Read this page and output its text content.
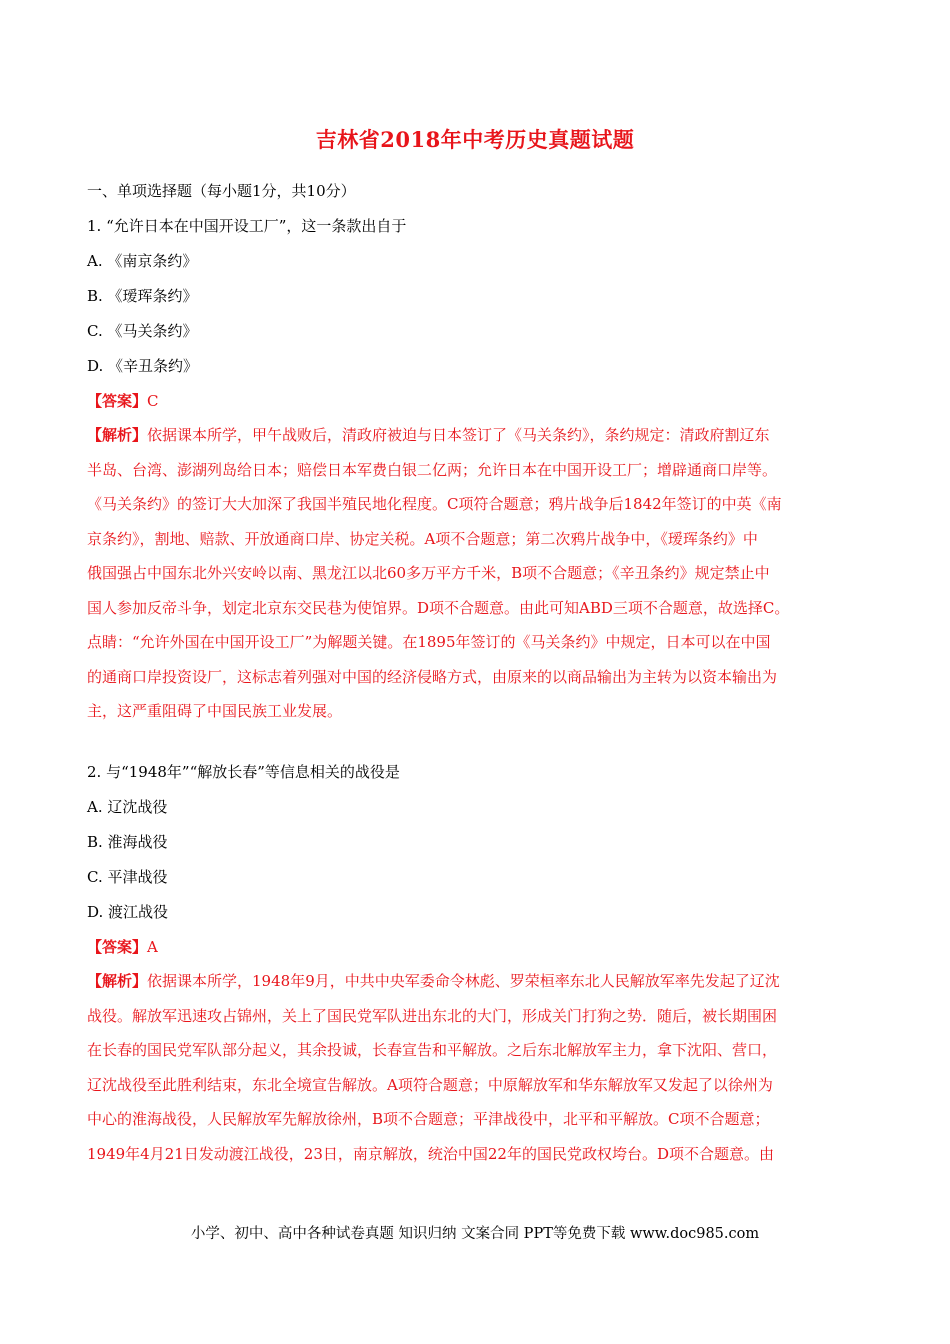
吉林省2018年中考历史真题试题
一、单项选择题（每小题1分，共10分）
1. “允许日本在中国开设工厂”，这一条款出自于
A. 《南京条约》
B. 《瑷珲条约》
C. 《马关条约》
D. 《辛丑条约》
【答案】C

【解析】依据课本所学，甲午战败后，清政府被迫与日本签订了《马关条约》，条约规定：清政府割辽东

半岛、台湾、澎湖列岛给日本；赔偿日本军费白银二亿两；允许日本在中国开设工厂；增辟通商口岸等。

《马关条约》的签订大大加深了我国半殖民地化程度。C项符合题意；鸦片战争后1842年签订的中英《南

京条约》，割地、赔款、开放通商口岸、协定关税。A项不合题意；第二次鸦片战争中，《瑷珲条约》中

俄国强占中国东北外兴安岭以南、黑龙江以北60多万平方千米，B项不合题意；《辛丑条约》规定禁止中

国人参加反帝斗争，划定北京东交民巷为使馆界。D项不合题意。由此可知ABD三项不合题意，故选择C。

点睛：“允许外国在中国开设工厂”为解题关键。在1895年签订的《马关条约》中规定，日本可以在中国

的通商口岸投资设厂，这标志着列强对中国的经济侵略方式，由原来的以商品输出为主转为以资本输出为

主，这严重阻碍了中国民族工业发展。

2. 与“1948年”“解放长春”等信息相关的战役是
A. 辽沈战役
B. 淮海战役
C. 平津战役
D. 渡江战役
【答案】A

【解析】依据课本所学，1948年9月，中共中央军委命令林彪、罗荣桓率东北人民解放军率先发起了辽沈

战役。解放军迅速攻占锦州，关上了国民党军队进出东北的大门，形成关门打狗之势．随后，被长期围困

在长春的国民党军队部分起义，其余投诚，长春宣告和平解放。之后东北解放军主力，拿下沈阳、营口，

辽沈战役至此胜利结束，东北全境宣告解放。A项符合题意；中原解放军和华东解放军又发起了以徐州为

中心的淮海战役，人民解放军先解放徐州，B项不合题意；平津战役中，北平和平解放。C项不合题意；

1949年4月21日发动渡江战役，23日，南京解放，统治中国22年的国民党政权垮台。D项不合题意。由

小学、初中、高中各种试卷真题 知识归纳 文案合同 PPT等免费下载 www.doc985.com
